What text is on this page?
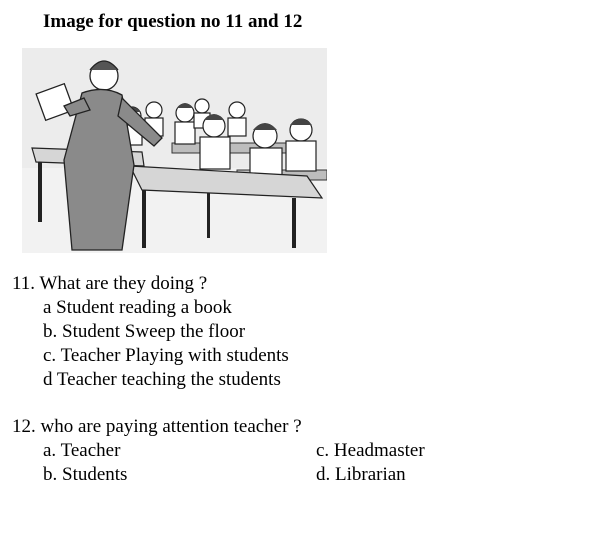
Image for question no 11 and 12
11. What are they doing ?
a Student reading a book
b. Student Sweep the floor
c. Teacher Playing with students
d Teacher teaching the students
12. who are paying attention teacher ?
a. Teacher
b. Students
c. Headmaster
d. Librarian
